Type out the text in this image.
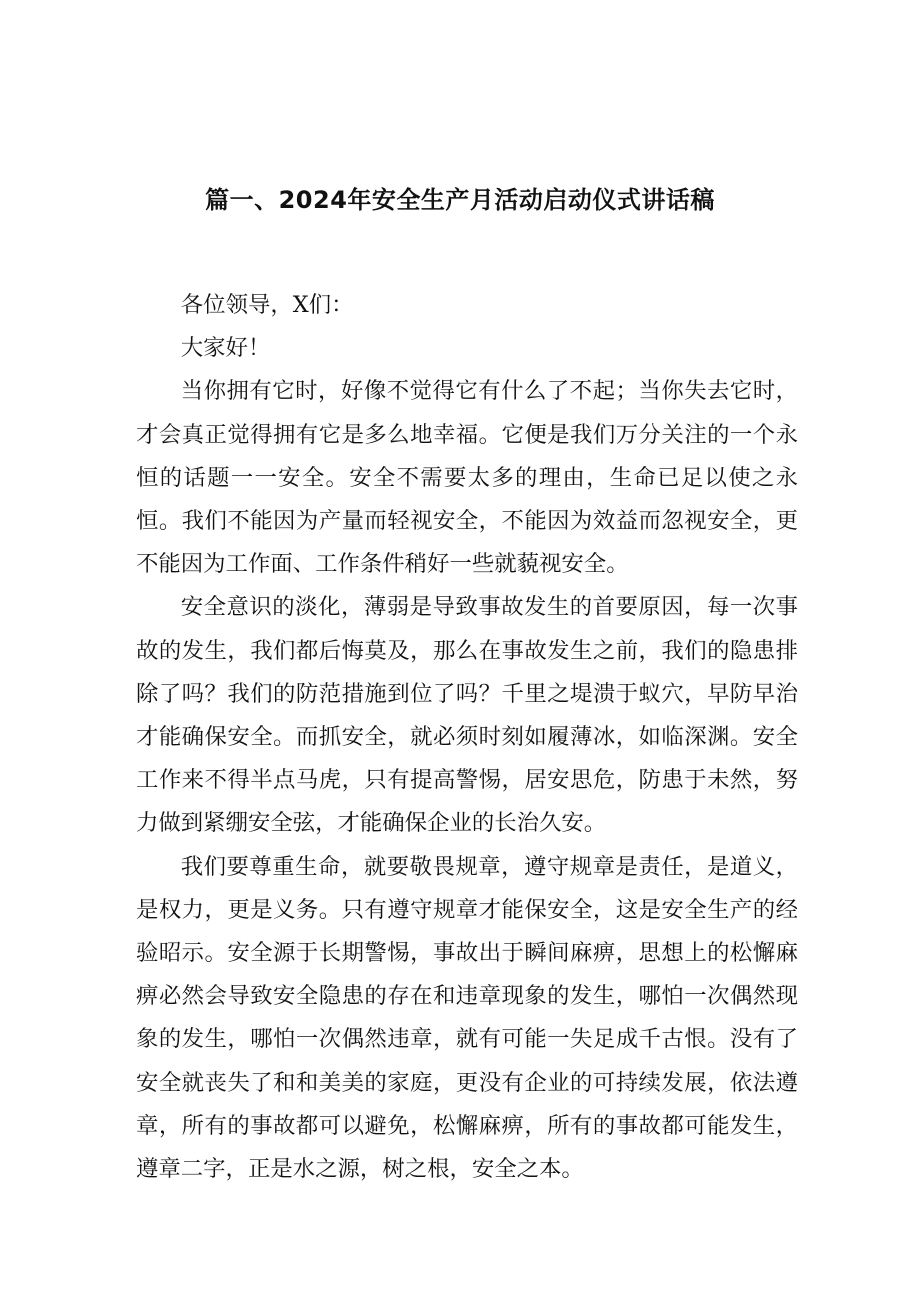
篇一、2024年安全生产月活动启动仪式讲话稿

各位领导，X们：

大家好！

当你拥有它时，好像不觉得它有什么了不起；当你失去它时，才会真正觉得拥有它是多么地幸福。它便是我们万分关注的一个永恒的话题一一安全。安全不需要太多的理由，生命已足以使之永恒。我们不能因为产量而轻视安全，不能因为效益而忽视安全，更不能因为工作面、工作条件稍好一些就藐视安全。

安全意识的淡化，薄弱是导致事故发生的首要原因，每一次事故的发生，我们都后悔莫及，那么在事故发生之前，我们的隐患排除了吗？我们的防范措施到位了吗？千里之堤溃于蚁穴，早防早治才能确保安全。而抓安全，就必须时刻如履薄冰，如临深渊。安全工作来不得半点马虎，只有提高警惕，居安思危，防患于未然，努力做到紧绷安全弦，才能确保企业的长治久安。

我们要尊重生命，就要敬畏规章，遵守规章是责任，是道义，是权力，更是义务。只有遵守规章才能保安全，这是安全生产的经验昭示。安全源于长期警惕，事故出于瞬间麻痹，思想上的松懈麻痹必然会导致安全隐患的存在和违章现象的发生，哪怕一次偶然现象的发生，哪怕一次偶然违章，就有可能一失足成千古恨。没有了安全就丧失了和和美美的家庭，更没有企业的可持续发展，依法遵章，所有的事故都可以避免，松懈麻痹，所有的事故都可能发生，遵章二字，正是水之源，树之根，安全之本。
